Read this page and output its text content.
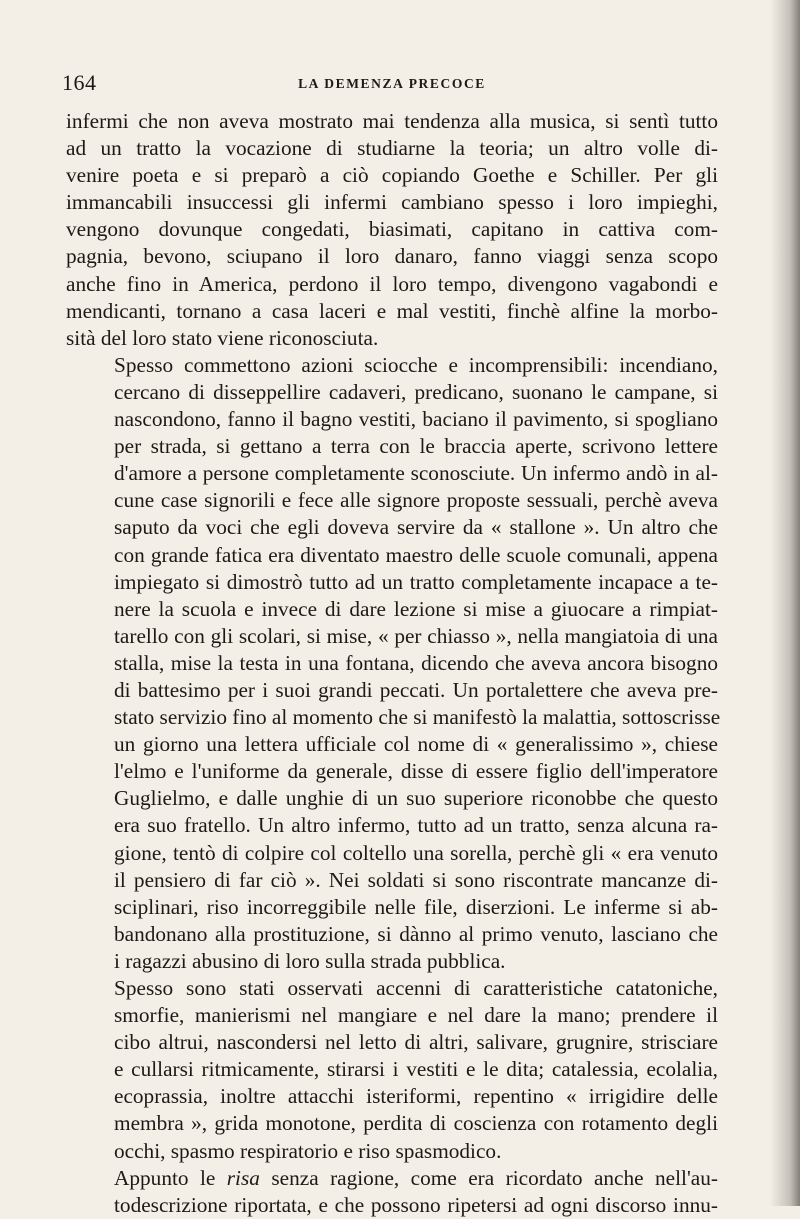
164	LA DEMENZA PRECOCE

infermi che non aveva mostrato mai tendenza alla musica, si sentì tutto
ad un tratto la vocazione di studiarne la teoria; un altro volle di-
venire poeta e si preparò a ciò copiando Goethe e Schiller. Per gli
immancabili insuccessi gli infermi cambiano spesso i loro impieghi,
vengono dovunque congedati, biasimati, capitano in cattiva com-
pagnia, bevono, sciupano il loro danaro, fanno viaggi senza scopo
anche fino in America, perdono il loro tempo, divengono vagabondi e
mendicanti, tornano a casa laceri e mal vestiti, finchè alfine la morbo-
sità del loro stato viene riconosciuta.

Spesso commettono azioni sciocche e incomprensibili: incendiano,
cercano di disseppellire cadaveri, predicano, suonano le campane, si
nascondono, fanno il bagno vestiti, baciano il pavimento, si spogliano
per strada, si gettano a terra con le braccia aperte, scrivono lettere
d'amore a persone completamente sconosciute. Un infermo andò in al-
cune case signorili e fece alle signore proposte sessuali, perchè aveva
saputo da voci che egli doveva servire da « stallone ». Un altro che
con grande fatica era diventato maestro delle scuole comunali, appena
impiegato si dimostrò tutto ad un tratto completamente incapace a te-
nere la scuola e invece di dare lezione si mise a giuocare a rimpiat-
tarello con gli scolari, si mise, « per chiasso », nella mangiatoia di una
stalla, mise la testa in una fontana, dicendo che aveva ancora bisogno
di battesimo per i suoi grandi peccati. Un portalettere che aveva pre-
stato servizio fino al momento che si manifestò la malattia, sottoscrisse
un giorno una lettera ufficiale col nome di « generalissimo », chiese
l'elmo e l'uniforme da generale, disse di essere figlio dell'imperatore
Guglielmo, e dalle unghie di un suo superiore riconobbe che questo
era suo fratello. Un altro infermo, tutto ad un tratto, senza alcuna ra-
gione, tentò di colpire col coltello una sorella, perchè gli « era venuto
il pensiero di far ciò ». Nei soldati si sono riscontrate mancanze di-
sciplinari, riso incorreggibile nelle file, diserzioni. Le inferme si ab-
bandonano alla prostituzione, si dànno al primo venuto, lasciano che
i ragazzi abusino di loro sulla strada pubblica.

Spesso sono stati osservati accenni di caratteristiche catatoniche,
smorfie, manierismi nel mangiare e nel dare la mano; prendere il
cibo altrui, nascondersi nel letto di altri, salivare, grugnire, strisciare
e cullarsi ritmicamente, stirarsi i vestiti e le dita; catalessia, ecolalia,
ecoprassia, inoltre attacchi isteriformi, repentino « irrigidire delle
membra », grida monotone, perdita di coscienza con rotamento degli
occhi, spasmo respiratorio e riso spasmodico.

Appunto le risa senza ragione, come era ricordato anche nell'au-
todescrizione riportata, e che possono ripetersi ad ogni discorso innu-
